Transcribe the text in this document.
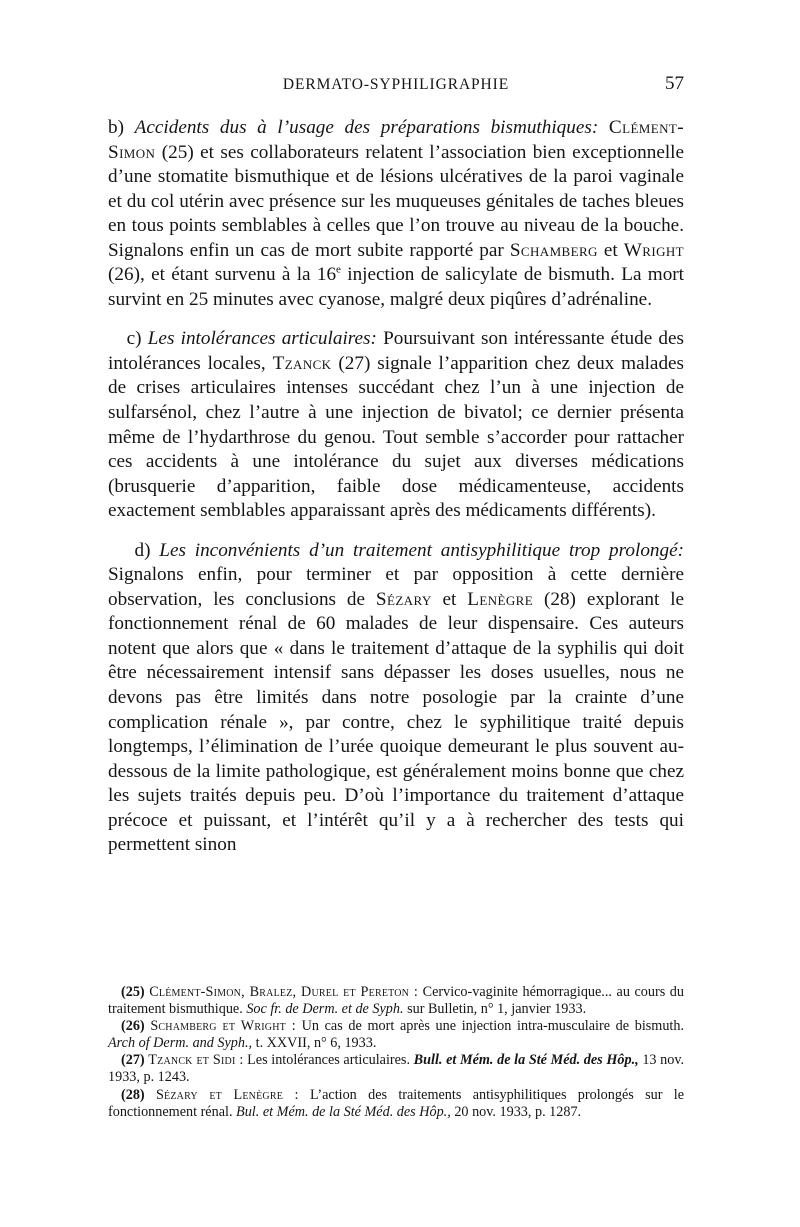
DERMATO-SYPHILIGRAPHIE	57

b) Accidents dus à l’usage des préparations bismuthiques: Clément-Simon (25) et ses collaborateurs relatent l’association bien exceptionnelle d’une stomatite bismuthique et de lésions ulcératives de la paroi vaginale et du col utérin avec présence sur les muqueuses génitales de taches bleues en tous points semblables à celles que l’on trouve au niveau de la bouche. Signalons enfin un cas de mort subite rapporté par Schamberg et Wright (26), et étant survenu à la 16e injection de salicylate de bismuth. La mort survint en 25 minutes avec cyanose, malgré deux piqûres d’adrénaline.

c) Les intolérances articulaires: Poursuivant son intéressante étude des intolérances locales, Tzanck (27) signale l’apparition chez deux malades de crises articulaires intenses succédant chez l’un à une injection de sulfarsénol, chez l’autre à une injection de bivatol; ce dernier présenta même de l’hydarthrose du genou. Tout semble s’accorder pour rattacher ces accidents à une intolérance du sujet aux diverses médications (brusquerie d’apparition, faible dose médicamenteuse, accidents exactement semblables apparaissant après des médicaments différents).

d) Les inconvénients d’un traitement antisyphilitique trop prolongé: Signalons enfin, pour terminer et par opposition à cette dernière observation, les conclusions de Sézary et Lenègre (28) explorant le fonctionnement rénal de 60 malades de leur dispensaire. Ces auteurs notent que alors que « dans le traitement d’attaque de la syphilis qui doit être nécessairement intensif sans dépasser les doses usuelles, nous ne devons pas être limités dans notre posologie par la crainte d’une complication rénale », par contre, chez le syphilitique traité depuis longtemps, l’élimination de l’urée quoique demeurant le plus souvent au-dessous de la limite pathologique, est généralement moins bonne que chez les sujets traités depuis peu. D’où l’importance du traitement d’attaque précoce et puissant, et l’intérêt qu’il y a à rechercher des tests qui permettent sinon

(25) Clément-Simon, Bralez, Durel et Pereton : Cervico-vaginite hémorragique... au cours du traitement bismuthique. Soc fr. de Derm. et de Syph. sur Bulletin, n° 1, janvier 1933.

(26) Schamberg et Wright : Un cas de mort après une injection intra-musculaire de bismuth. Arch of Derm. and Syph., t. XXVII, n° 6, 1933.

(27) Tzanck et Sidi : Les intolérances articulaires. Bull. et Mém. de la Sté Méd. des Hôp., 13 nov. 1933, p. 1243.

(28) Sézary et Lenègre : L’action des traitements antisyphilitiques prolongés sur le fonctionnement rénal. Bul. et Mém. de la Sté Méd. des Hôp., 20 nov. 1933, p. 1287.
